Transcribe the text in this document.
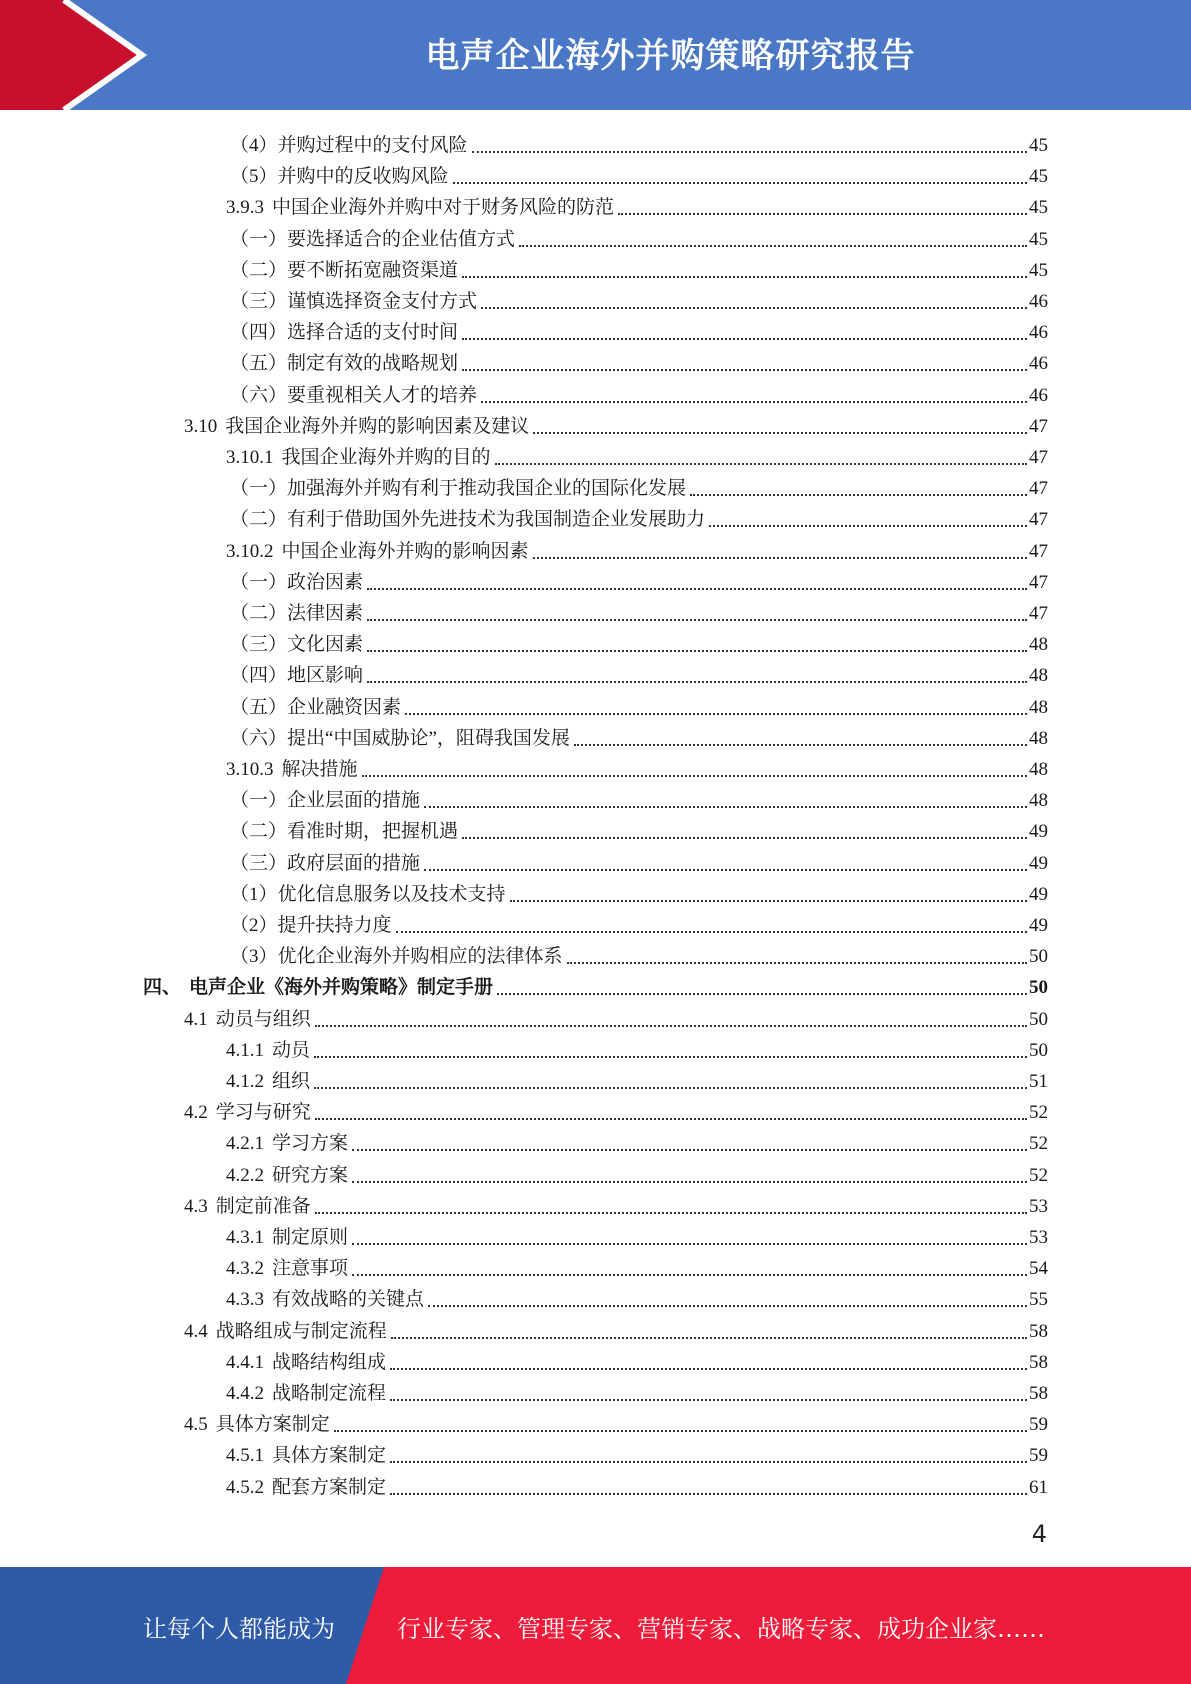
电声企业海外并购策略研究报告
（4） 并购过程中的支付风险	45
（5） 并购中的反收购风险	45
3.9.3 中国企业海外并购中对于财务风险的防范	45
（一） 要选择适合的企业估值方式	45
（二） 要不断拓宽融资渠道	45
（三） 谨慎选择资金支付方式	46
（四） 选择合适的支付时间	46
（五） 制定有效的战略规划	46
（六） 要重视相关人才的培养	46
3.10 我国企业海外并购的影响因素及建议	47
3.10.1 我国企业海外并购的目的	47
（一） 加强海外并购有利于推动我国企业的国际化发展	47
（二） 有利于借助国外先进技术为我国制造企业发展助力	47
3.10.2 中国企业海外并购的影响因素	47
（一） 政治因素	47
（二） 法律因素	47
（三） 文化因素	48
（四） 地区影响	48
（五） 企业融资因素	48
（六） 提出“中国威胁论”，阻碍我国发展	48
3.10.3 解决措施	48
（一） 企业层面的措施	48
（二） 看准时期，把握机遇	49
（三） 政府层面的措施	49
（1） 优化信息服务以及技术支持	49
（2） 提升扶持力度	49
（3） 优化企业海外并购相应的法律体系	50
四、 电声企业《海外并购策略》制定手册	50
4.1 动员与组织	50
4.1.1 动员	50
4.1.2 组织	51
4.2 学习与研究	52
4.2.1 学习方案	52
4.2.2 研究方案	52
4.3 制定前准备	53
4.3.1 制定原则	53
4.3.2 注意事项	54
4.3.3 有效战略的关键点	55
4.4 战略组成与制定流程	58
4.4.1 战略结构组成	58
4.4.2 战略制定流程	58
4.5 具体方案制定	59
4.5.1 具体方案制定	59
4.5.2 配套方案制定	61
4
让每个人都能成为	行业专家、管理专家、营销专家、战略专家、成功企业家……
